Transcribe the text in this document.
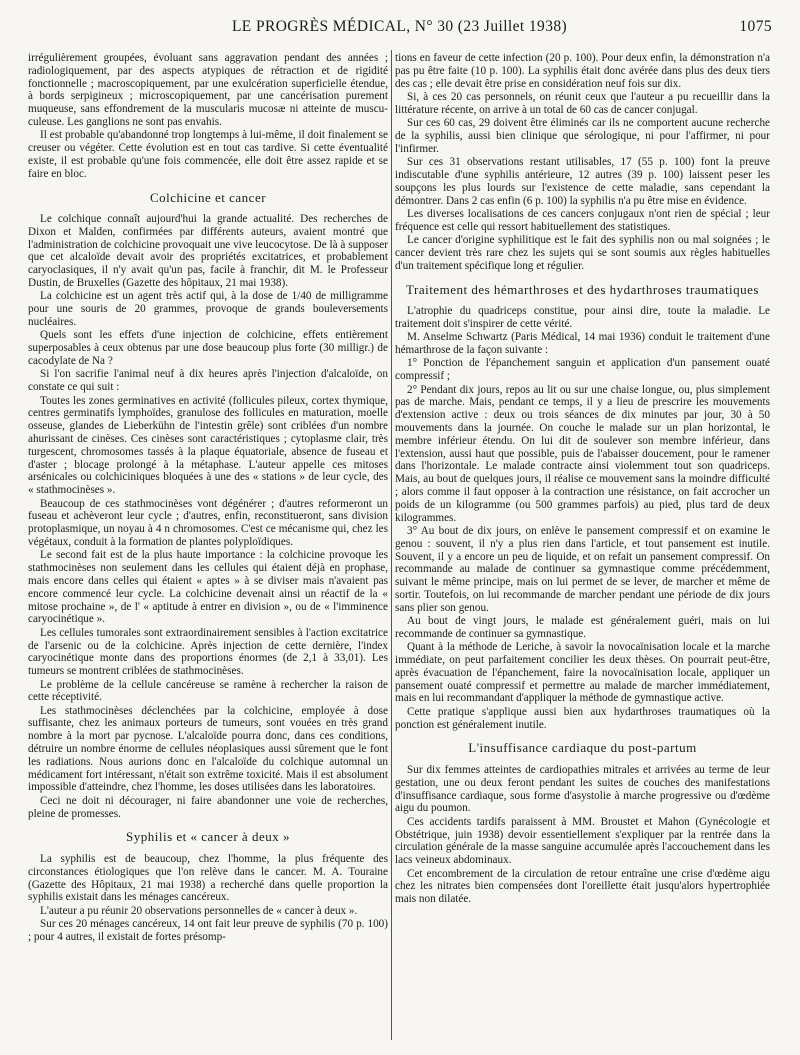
LE PROGRÈS MÉDICAL, N° 30 (23 Juillet 1938)	1075

irrégulièrement groupées, évoluant sans aggravation pendant des années ; radiologiquement, par des aspects atypiques de rétraction et de rigidité fonctionnelle ; macroscopiquement, par une exulcération superficielle étendue, à bords serpigineux ; microscopiquement, par une cancérisation purement muqueuse, sans effondrement de la muscularis mucosæ ni atteinte de muscu-culeuse. Les ganglions ne sont pas envahis.

Il est probable qu'abandonné trop longtemps à lui-même, il doit finalement se creuser ou végéter. Cette évolution est en tout cas tardive. Si cette éventualité existe, il est probable qu'une fois commencée, elle doit être assez rapide et se faire en bloc.

Colchicine et cancer

Le colchique connaît aujourd'hui la grande actualité. Des recherches de Dixon et Malden, confirmées par différents auteurs, avaient montré que l'administration de colchicine provoquait une vive leucocytose. De là à supposer que cet alcaloïde devait avoir des propriétés excitatrices, et probablement caryoclasiques, il n'y avait qu'un pas, facile à franchir, dit M. le Professeur Dustin, de Bruxelles (Gazette des hôpitaux, 21 mai 1938).

La colchicine est un agent très actif qui, à la dose de 1/40 de milligramme pour une souris de 20 grammes, provoque de grands bouleversements nucléaires.

Quels sont les effets d'une injection de colchicine, effets entièrement superposables à ceux obtenus par une dose beaucoup plus forte (30 milligr.) de cacodylate de Na ?

Si l'on sacrifie l'animal neuf à dix heures après l'injection d'alcaloïde, on constate ce qui suit :

Toutes les zones germinatives en activité (follicules pileux, cortex thymique, centres germinatifs lymphoïdes, granulose des follicules en maturation, moelle osseuse, glandes de Lieberkühn de l'intestin grêle) sont criblées d'un nombre ahurissant de cinèses. Ces cinèses sont caractéristiques ; cytoplasme clair, très turgescent, chromosomes tassés à la plaque équatoriale, absence de fuseau et d'aster ; blocage prolongé à la métaphase. L'auteur appelle ces mitoses arsénicales ou colchiciniques bloquées à une des « stations » de leur cycle, des « stathmocinèses ».

Beaucoup de ces stathmocinèses vont dégénérer ; d'autres reformeront un fuseau et achèveront leur cycle ; d'autres, enfin, reconstitueront, sans division protoplasmique, un noyau à 4 n chromosomes. C'est ce mécanisme qui, chez les végétaux, conduit à la formation de plantes polyploïdiques.

Le second fait est de la plus haute importance : la colchicine provoque les stathmocinèses non seulement dans les cellules qui étaient déjà en prophase, mais encore dans celles qui étaient « aptes » à se diviser mais n'avaient pas encore commencé leur cycle. La colchicine devenait ainsi un réactif de la « mitose prochaine », de l' « aptitude à entrer en division », ou de « l'imminence caryocinétique ».

Les cellules tumorales sont extraordinairement sensibles à l'action excitatrice de l'arsenic ou de la colchicine. Après injection de cette dernière, l'index caryocinétique monte dans des proportions énormes (de 2,1 à 33,01). Les tumeurs se montrent criblées de stathmocinèses.

Le problème de la cellule cancéreuse se ramène à rechercher la raison de cette réceptivité.

Les stathmocinèses déclenchées par la colchicine, employée à dose suffisante, chez les animaux porteurs de tumeurs, sont vouées en très grand nombre à la mort par pycnose. L'alcaloïde pourra donc, dans ces conditions, détruire un nombre énorme de cellules néoplasiques aussi sûrement que le font les radiations. Nous aurions donc en l'alcaloïde du colchique automnal un médicament fort intéressant, n'était son extrême toxicité. Mais il est absolument impossible d'atteindre, chez l'homme, les doses utilisées dans les laboratoires.

Ceci ne doit ni décourager, ni faire abandonner une voie de recherches, pleine de promesses.

Syphilis et « cancer à deux »

La syphilis est de beaucoup, chez l'homme, la plus fréquente des circonstances étiologiques que l'on relève dans le cancer. M. A. Touraine (Gazette des Hôpitaux, 21 mai 1938) a recherché dans quelle proportion la syphilis existait dans les ménages cancéreux.

L'auteur a pu réunir 20 observations personnelles de « cancer à deux ».

Sur ces 20 ménages cancéreux, 14 ont fait leur preuve de syphilis (70 p. 100) ; pour 4 autres, il existait de fortes présomp-

tions en faveur de cette infection (20 p. 100). Pour deux enfin, la démonstration n'a pas pu être faite (10 p. 100). La syphilis était donc avérée dans plus des deux tiers des cas ; elle devait être prise en considération neuf fois sur dix.

Si, à ces 20 cas personnels, on réunit ceux que l'auteur a pu recueillir dans la littérature récente, on arrive à un total de 60 cas de cancer conjugal.

Sur ces 60 cas, 29 doivent être éliminés car ils ne comportent aucune recherche de la syphilis, aussi bien clinique que sérologique, ni pour l'affirmer, ni pour l'infirmer.

Sur ces 31 observations restant utilisables, 17 (55 p. 100) font la preuve indiscutable d'une syphilis antérieure, 12 autres (39 p. 100) laissent peser les soupçons les plus lourds sur l'existence de cette maladie, sans cependant la démontrer. Dans 2 cas enfin (6 p. 100) la syphilis n'a pu être mise en évidence.

Les diverses localisations de ces cancers conjugaux n'ont rien de spécial ; leur fréquence est celle qui ressort habituellement des statistiques.

Le cancer d'origine syphilitique est le fait des syphilis non ou mal soignées ; le cancer devient très rare chez les sujets qui se sont soumis aux règles habituelles d'un traitement spécifique long et régulier.

Traitement des hémarthroses et des hydarthroses traumatiques

L'atrophie du quadriceps constitue, pour ainsi dire, toute la maladie. Le traitement doit s'inspirer de cette vérité.

M. Anselme Schwartz (Paris Médical, 14 mai 1936) conduit le traitement d'une hémarthrose de la façon suivante :

1° Ponction de l'épanchement sanguin et application d'un pansement ouaté compressif ;

2° Pendant dix jours, repos au lit ou sur une chaise longue, ou, plus simplement pas de marche. Mais, pendant ce temps, il y a lieu de prescrire les mouvements d'extension active : deux ou trois séances de dix minutes par jour, 30 à 50 mouvements dans la journée. On couche le malade sur un plan horizontal, le membre inférieur étendu. On lui dit de soulever son membre inférieur, dans l'extension, aussi haut que possible, puis de l'abaisser doucement, pour le ramener dans l'horizontale. Le malade contracte ainsi violemment tout son quadriceps. Mais, au bout de quelques jours, il réalise ce mouvement sans la moindre difficulté ; alors comme il faut opposer à la contraction une résistance, on fait accrocher un poids de un kilogramme (ou 500 grammes parfois) au pied, plus tard de deux kilogrammes.

3° Au bout de dix jours, on enlève le pansement compressif et on examine le genou : souvent, il n'y a plus rien dans l'article, et tout pansement est inutile. Souvent, il y a encore un peu de liquide, et on refait un pansement compressif. On recommande au malade de continuer sa gymnastique comme précédemment, suivant le même principe, mais on lui permet de se lever, de marcher et même de sortir. Toutefois, on lui recommande de marcher pendant une période de dix jours sans plier son genou.

Au bout de vingt jours, le malade est généralement guéri, mais on lui recommande de continuer sa gymnastique.

Quant à la méthode de Leriche, à savoir la novocaïnisation locale et la marche immédiate, on peut parfaitement concilier les deux thèses. On pourrait peut-être, après évacuation de l'épanchement, faire la novocaïnisation locale, appliquer un pansement ouaté compressif et permettre au malade de marcher immédiatement, mais en lui recommandant d'appliquer la méthode de gymnastique active.

Cette pratique s'applique aussi bien aux hydarthroses traumatiques où la ponction est généralement inutile.

L'insuffisance cardiaque du post-partum

Sur dix femmes atteintes de cardiopathies mitrales et arrivées au terme de leur gestation, une ou deux feront pendant les suites de couches des manifestations d'insuffisance cardiaque, sous forme d'asystolie à marche progressive ou d'œdème aigu du poumon.

Ces accidents tardifs paraissent à MM. Broustet et Mahon (Gynécologie et Obstétrique, juin 1938) devoir essentiellement s'expliquer par la rentrée dans la circulation générale de la masse sanguine accumulée après l'accouchement dans les lacs veineux abdominaux.

Cet encombrement de la circulation de retour entraîne une crise d'œdème aigu chez les nitrates bien compensées dont l'oreillette était jusqu'alors hypertrophiée mais non dilatée.
